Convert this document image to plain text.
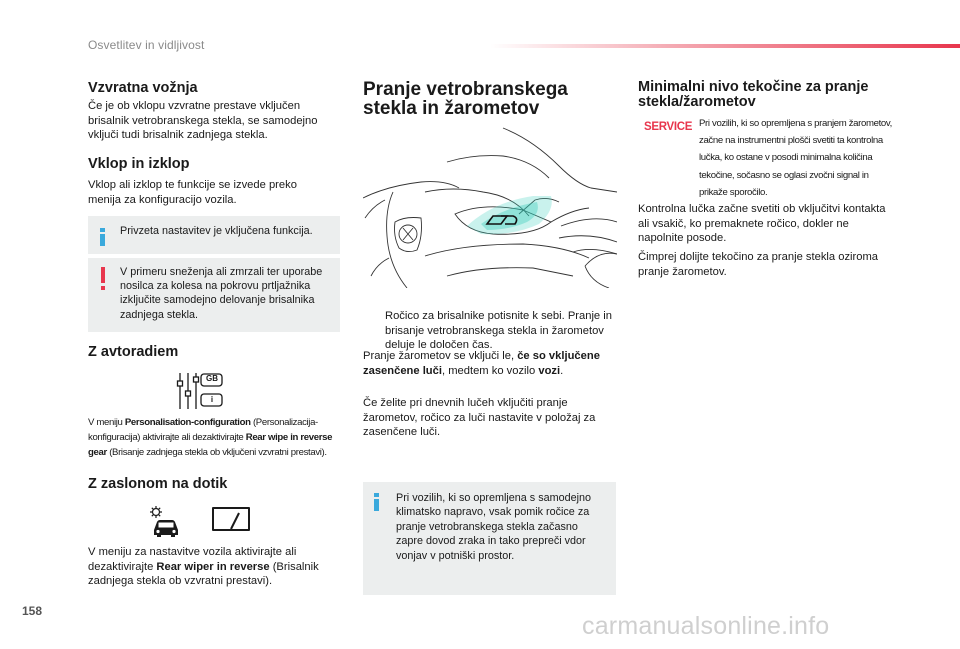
Osvetlitev in vidljivost
Vzvratna vožnja
Če je ob vklopu vzvratne prestave vključen brisalnik vetrobranskega stekla, se samodejno vključi tudi brisalnik zadnjega stekla.
Vklop in izklop
Vklop ali izklop te funkcije se izvede preko menija za konfiguracijo vozila.
Privzeta nastavitev je vključena funkcija.
V primeru sneženja ali zmrzali ter uporabe nosilca za kolesa na pokrovu prtljažnika izključite samodejno delovanje brisalnika zadnjega stekla.
Z avtoradiem
GB
i
V meniju Personalisation-configuration (Personalizacija-konfiguracija) aktivirajte ali dezaktivirajte Rear wipe in reverse gear (Brisanje zadnjega stekla ob vključeni vzvratni prestavi).
Z zaslonom na dotik
V meniju za nastavitve vozila aktivirajte ali dezaktivirajte Rear wiper in reverse (Brisalnik zadnjega stekla ob vzvratni prestavi).
Pranje vetrobranskega
stekla in žarometov
Ročico za brisalnike potisnite k sebi. Pranje in brisanje vetrobranskega stekla in žarometov deluje le določen čas.
Pranje žarometov se vključi le, če so vključene zasenčene luči, medtem ko vozilo vozi.
Če želite pri dnevnih lučeh vključiti pranje žarometov, ročico za luči nastavite v položaj za zasenčene luči.
Pri vozilih, ki so opremljena s samodejno klimatsko napravo, vsak pomik ročice za pranje vetrobranskega stekla začasno zapre dovod zraka in tako prepreči vdor vonjav v potniški prostor.
Minimalni nivo tekočine za pranje
stekla/žarometov
SERVICE Pri vozilih, ki so opremljena s pranjem žarometov, začne na instrumentni plošči svetiti ta kontrolna lučka, ko ostane v posodi minimalna količina tekočine, sočasno se oglasi zvočni signal in prikaže sporočilo.
Kontrolna lučka začne svetiti ob vključitvi kontakta ali vsakič, ko premaknete ročico, dokler ne napolnite posode.
Čimprej dolijte tekočino za pranje stekla oziroma pranje žarometov.
158
carmanualsonline.info
